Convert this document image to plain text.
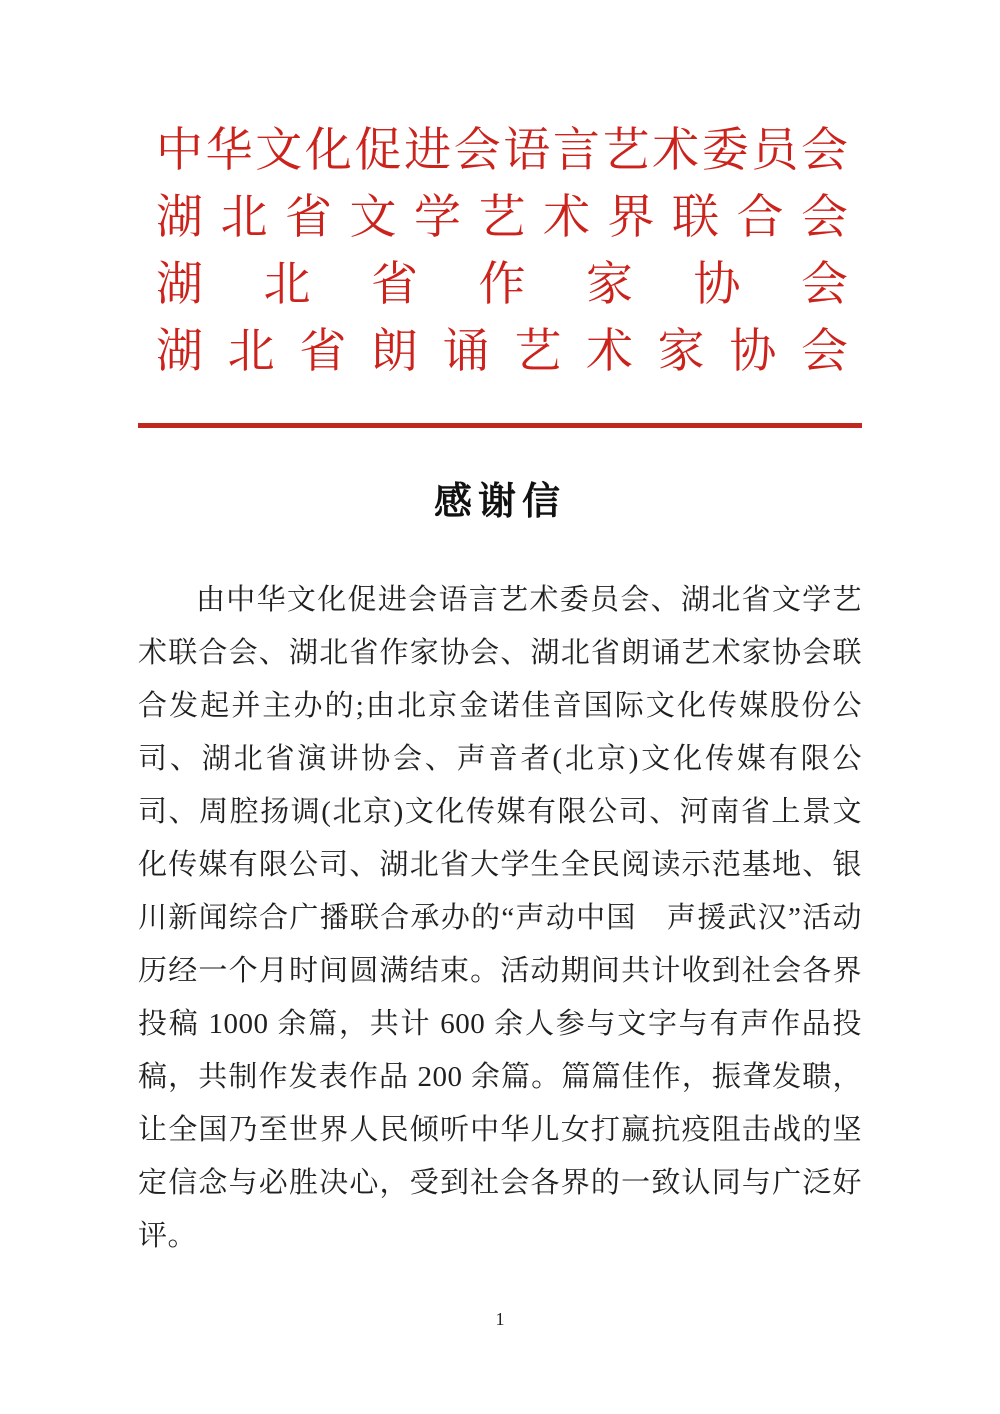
中华文化促进会语言艺术委员会
湖北省文学艺术界联合会
湖北省作家协会
湖北省朗诵艺术家协会
感谢信

由中华文化促进会语言艺术委员会、湖北省文学艺术联合会、湖北省作家协会、湖北省朗诵艺术家协会联合发起并主办的;由北京金诺佳音国际文化传媒股份公司、湖北省演讲协会、声音者(北京)文化传媒有限公司、周腔扬调(北京)文化传媒有限公司、河南省上景文化传媒有限公司、湖北省大学生全民阅读示范基地、银川新闻综合广播联合承办的“声动中国　声援武汉”活动历经一个月时间圆满结束。活动期间共计收到社会各界投稿 1000 余篇，共计 600 余人参与文字与有声作品投稿，共制作发表作品 200 余篇。篇篇佳作，振聋发聩，让全国乃至世界人民倾听中华儿女打赢抗疫阻击战的坚定信念与必胜决心，受到社会各界的一致认同与广泛好评。

1
